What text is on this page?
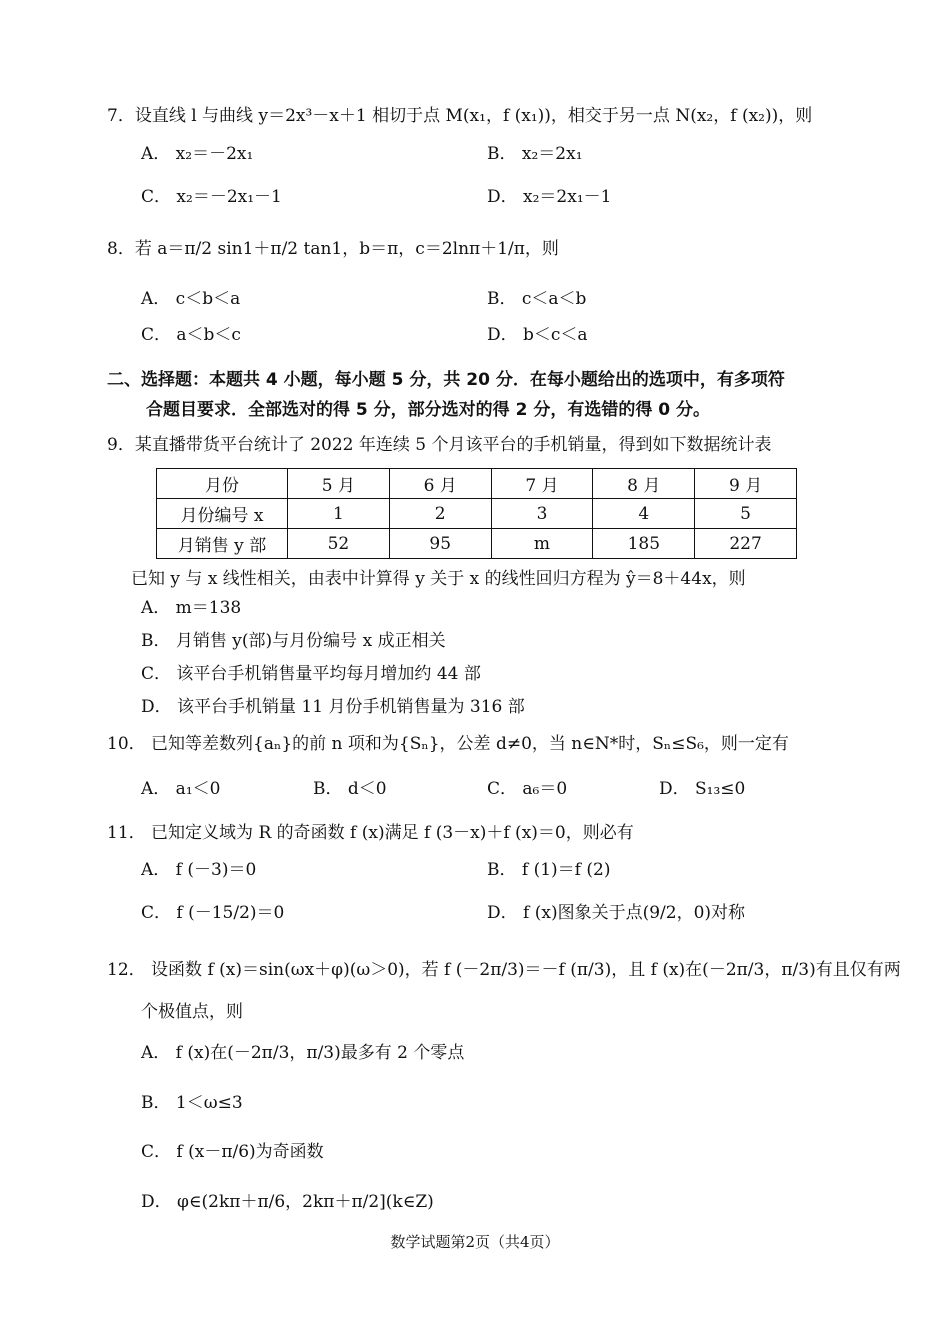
7．设直线 l 与曲线 y＝2x³－x＋1 相切于点 M(x₁，f (x₁))，相交于另一点 N(x₂，f (x₂))，则
A． x₂＝－2x₁	B． x₂＝2x₁
C． x₂＝－2x₁－1	D． x₂＝2x₁－1
8．若 a＝π/2 sin1＋π/2 tan1，b＝π，c＝2lnπ＋1/π，则
A． c＜b＜a	B． c＜a＜b
C． a＜b＜c	D． b＜c＜a
二、选择题：本题共 4 小题，每小题 5 分，共 20 分．在每小题给出的选项中，有多项符
合题目要求．全部选对的得 5 分，部分选对的得 2 分，有选错的得 0 分。
9．某直播带货平台统计了 2022 年连续 5 个月该平台的手机销量，得到如下数据统计表
月份	5 月	6 月	7 月	8 月	9 月
月份编号 x	1	2	3	4	5
月销售 y 部	52	95	m	185	227
已知 y 与 x 线性相关，由表中计算得 y 关于 x 的线性回归方程为 ŷ＝8＋44x，则
A． m＝138
B． 月销售 y(部)与月份编号 x 成正相关
C． 该平台手机销售量平均每月增加约 44 部
D． 该平台手机销量 11 月份手机销售量为 316 部
10． 已知等差数列{aₙ}的前 n 项和为{Sₙ}，公差 d≠0，当 n∈N*时，Sₙ≤S₆，则一定有
A． a₁＜0	B． d＜0	C． a₆＝0	D． S₁₃≤0
11． 已知定义域为 R 的奇函数 f (x)满足 f (3－x)＋f (x)＝0，则必有
A． f (－3)＝0	B． f (1)＝f (2)
C． f (－15/2)＝0	D． f (x)图象关于点(9/2，0)对称
12． 设函数 f (x)＝sin(ωx＋φ)(ω＞0)，若 f (－2π/3)＝－f (π/3)，且 f (x)在(－2π/3，π/3)有且仅有两
个极值点，则
A． f (x)在(－2π/3，π/3)最多有 2 个零点
B． 1＜ω≤3
C． f (x－π/6)为奇函数
D． φ∈(2kπ＋π/6，2kπ＋π/2](k∈Z)
数学试题第2页（共4页）
